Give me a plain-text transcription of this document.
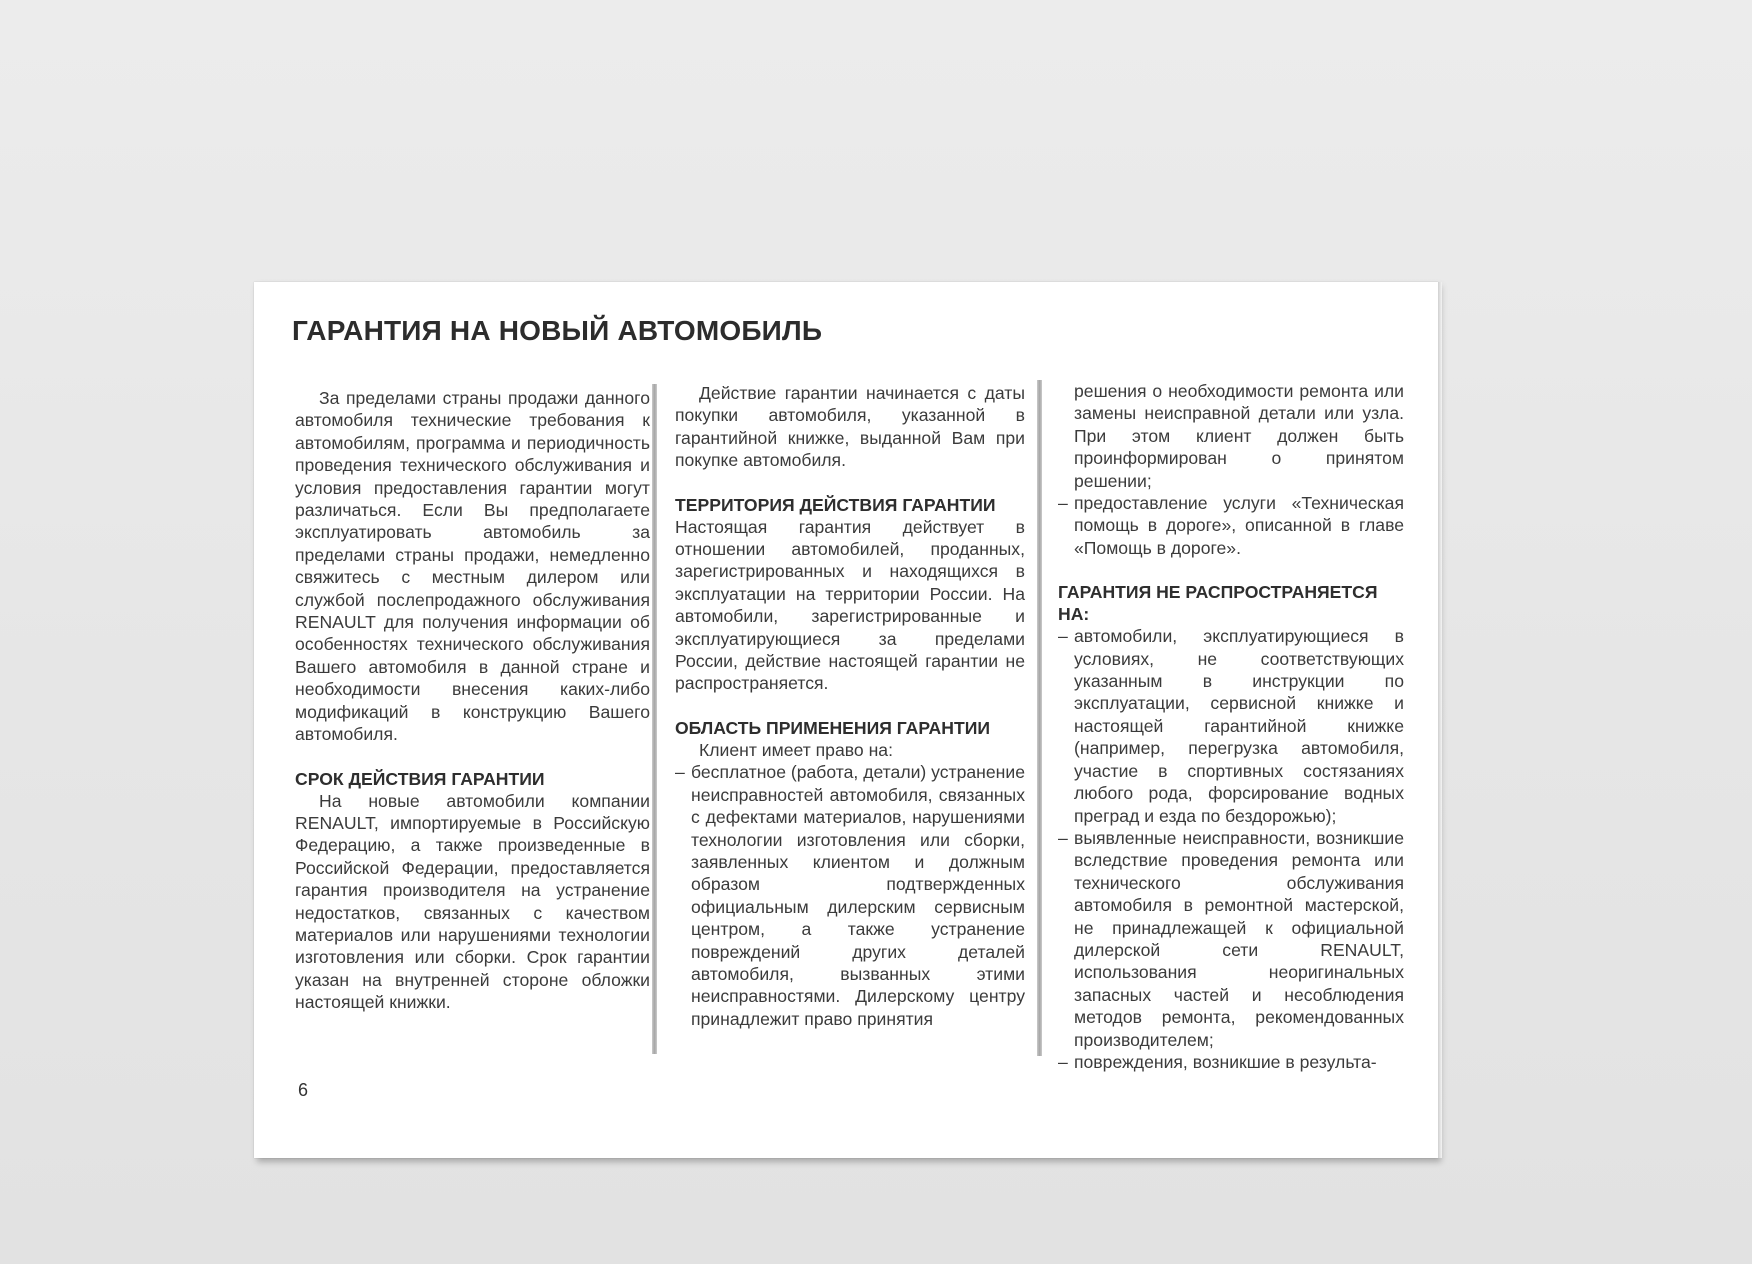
ГАРАНТИЯ НА НОВЫЙ АВТОМОБИЛЬ

За пределами страны продажи данного автомобиля технические требования к автомобилям, программа и периодичность проведения технического обслуживания и условия предоставления гарантии могут различаться. Если Вы предполагаете эксплуатировать автомобиль за пределами страны продажи, немедленно свяжитесь с местным дилером или службой послепродажного обслуживания RENAULT для получения информации об особенностях технического обслуживания Вашего автомобиля в данной стране и необходимости внесения каких-либо модификаций в конструкцию Вашего автомобиля.

СРОК ДЕЙСТВИЯ ГАРАНТИИ

На новые автомобили компании RENAULT, импортируемые в Российскую Федерацию, а также произведенные в Российской Федерации, предоставляется гарантия производителя на устранение недостатков, связанных с качеством материалов или нарушениями технологии изготовления или сборки. Срок гарантии указан на внутренней стороне обложки настоящей книжки.

Действие гарантии начинается с даты покупки автомобиля, указанной в гарантийной книжке, выданной Вам при покупке автомобиля.

ТЕРРИТОРИЯ ДЕЙСТВИЯ ГАРАНТИИ

Настоящая гарантия действует в отношении автомобилей, проданных, зарегистрированных и находящихся в эксплуатации на территории России. На автомобили, зарегистрированные и эксплуатирующиеся за пределами России, действие настоящей гарантии не распространяется.

ОБЛАСТЬ ПРИМЕНЕНИЯ ГАРАНТИИ

Клиент имеет право на:

– бесплатное (работа, детали) устранение неисправностей автомобиля, связанных с дефектами материалов, нарушениями технологии изготовления или сборки, заявленных клиентом и должным образом подтвержденных официальным дилерским сервисным центром, а также устранение повреждений других деталей автомобиля, вызванных этими неисправностями. Дилерскому центру принадлежит право принятия

решения о необходимости ремонта или замены неисправной детали или узла. При этом клиент должен быть проинформирован о принятом решении;

– предоставление услуги «Техническая помощь в дороге», описанной в главе «Помощь в дороге».
ГАРАНТИЯ НЕ РАСПРОСТРАНЯЕТСЯ НА:
– автомобили, эксплуатирующиеся в условиях, не соответствующих указанным в инструкции по эксплуатации, сервисной книжке и настоящей гарантийной книжке (например, перегрузка автомобиля, участие в спортивных состязаниях любого рода, форсирование водных преград и езда по бездорожью);
– выявленные неисправности, возникшие вследствие проведения ремонта или технического обслуживания автомобиля в ремонтной мастерской, не принадлежащей к официальной дилерской сети RENAULT, использования неоригинальных запасных частей и несоблюдения методов ремонта, рекомендованных производителем;
– повреждения, возникшие в результа-
6
